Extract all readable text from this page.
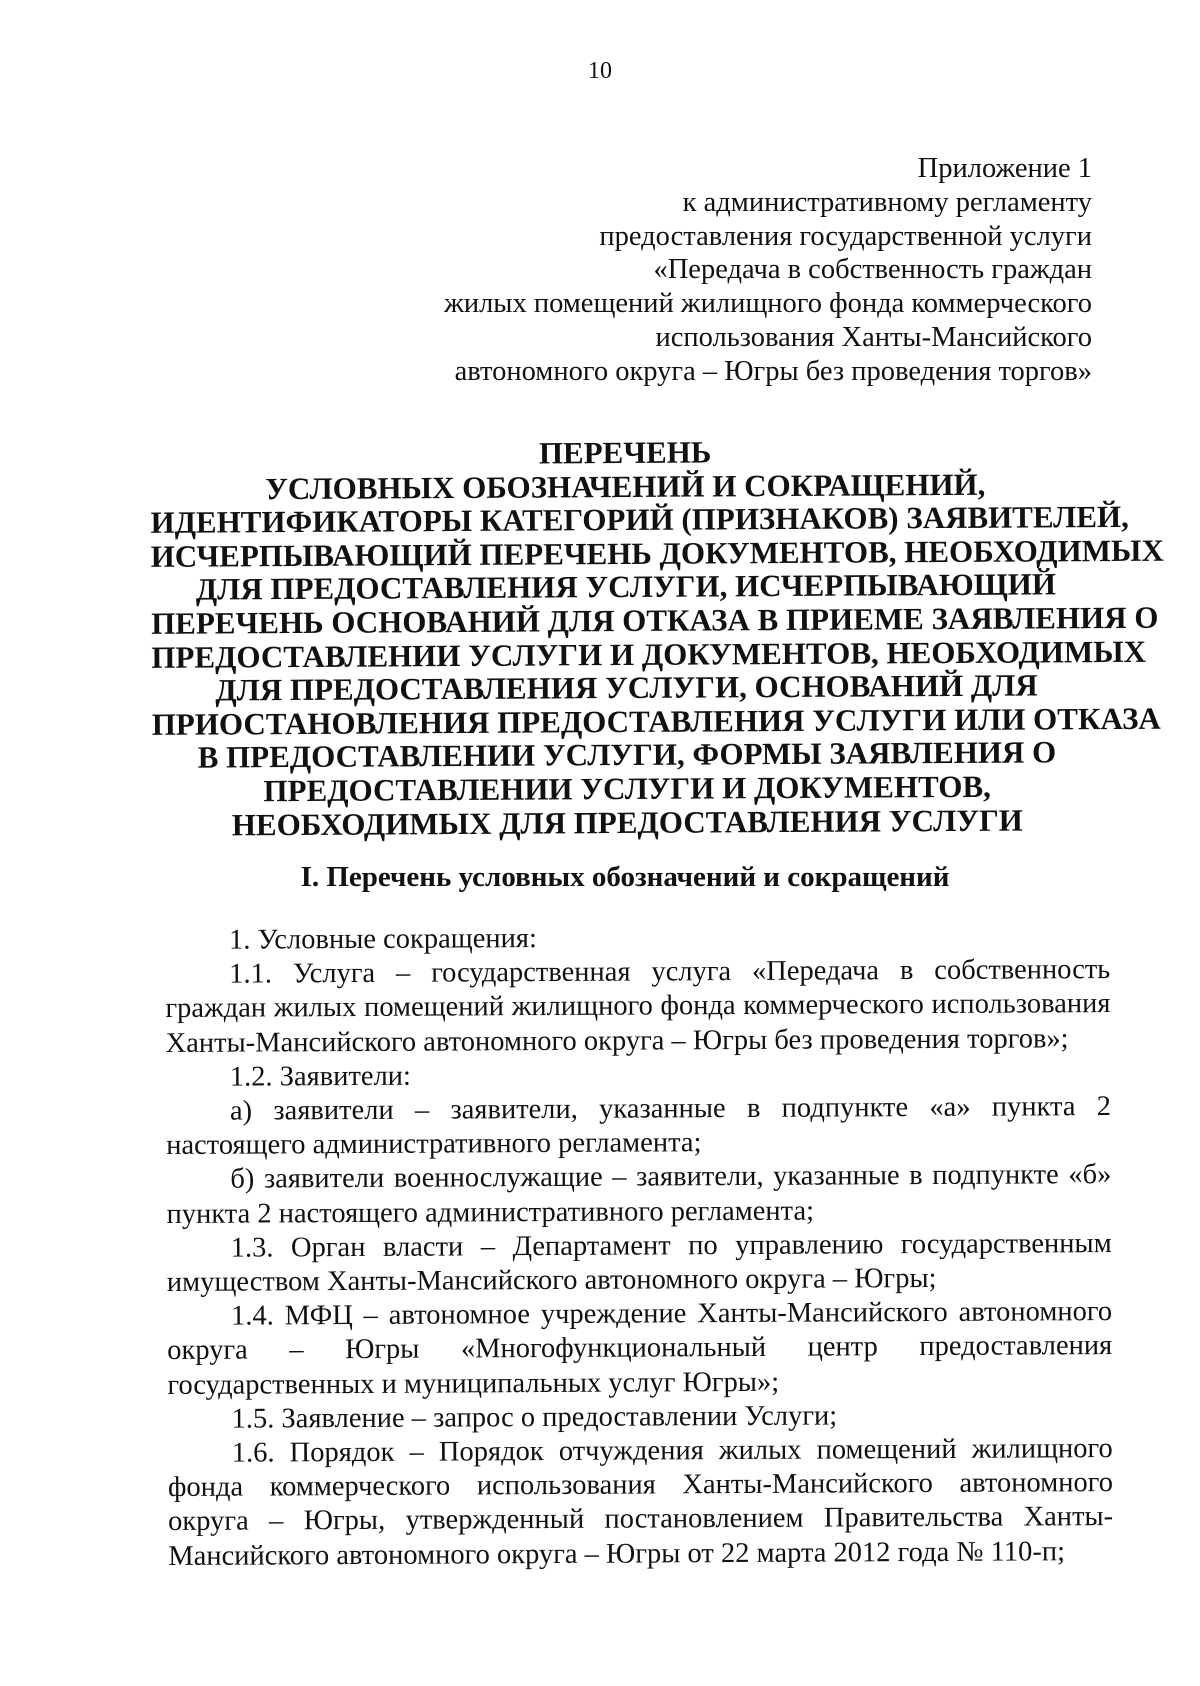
10
Приложение 1
к административному регламенту
предоставления государственной услуги
«Передача в собственность граждан
жилых помещений жилищного фонда коммерческого
использования Ханты-Мансийского
автономного округа – Югры без проведения торгов»
ПЕРЕЧЕНЬ
УСЛОВНЫХ ОБОЗНАЧЕНИЙ И СОКРАЩЕНИЙ,
ИДЕНТИФИКАТОРЫ КАТЕГОРИЙ (ПРИЗНАКОВ) ЗАЯВИТЕЛЕЙ,
ИСЧЕРПЫВАЮЩИЙ ПЕРЕЧЕНЬ ДОКУМЕНТОВ, НЕОБХОДИМЫХ
ДЛЯ ПРЕДОСТАВЛЕНИЯ УСЛУГИ, ИСЧЕРПЫВАЮЩИЙ
ПЕРЕЧЕНЬ ОСНОВАНИЙ ДЛЯ ОТКАЗА В ПРИЕМЕ ЗАЯВЛЕНИЯ О
ПРЕДОСТАВЛЕНИИ УСЛУГИ И ДОКУМЕНТОВ, НЕОБХОДИМЫХ
ДЛЯ ПРЕДОСТАВЛЕНИЯ УСЛУГИ, ОСНОВАНИЙ ДЛЯ
ПРИОСТАНОВЛЕНИЯ ПРЕДОСТАВЛЕНИЯ УСЛУГИ ИЛИ ОТКАЗА
В ПРЕДОСТАВЛЕНИИ УСЛУГИ, ФОРМЫ ЗАЯВЛЕНИЯ О
ПРЕДОСТАВЛЕНИИ УСЛУГИ И ДОКУМЕНТОВ,
НЕОБХОДИМЫХ ДЛЯ ПРЕДОСТАВЛЕНИЯ УСЛУГИ
I. Перечень условных обозначений и сокращений
1. Условные сокращения:
1.1. Услуга – государственная услуга «Передача в собственность
граждан жилых помещений жилищного фонда коммерческого использования
Ханты-Мансийского автономного округа – Югры без проведения торгов»;
1.2. Заявители:
а) заявители – заявители, указанные в подпункте «а» пункта 2
настоящего административного регламента;
б) заявители военнослужащие – заявители, указанные в подпункте «б»
пункта 2 настоящего административного регламента;
1.3. Орган власти – Департамент по управлению государственным
имуществом Ханты-Мансийского автономного округа – Югры;
1.4. МФЦ – автономное учреждение Ханты-Мансийского автономного
округа – Югры «Многофункциональный центр предоставления
государственных и муниципальных услуг Югры»;
1.5. Заявление – запрос о предоставлении Услуги;
1.6. Порядок – Порядок отчуждения жилых помещений жилищного
фонда коммерческого использования Ханты-Мансийского автономного
округа – Югры, утвержденный постановлением Правительства Ханты-
Мансийского автономного округа – Югры от 22 марта 2012 года № 110-п;
